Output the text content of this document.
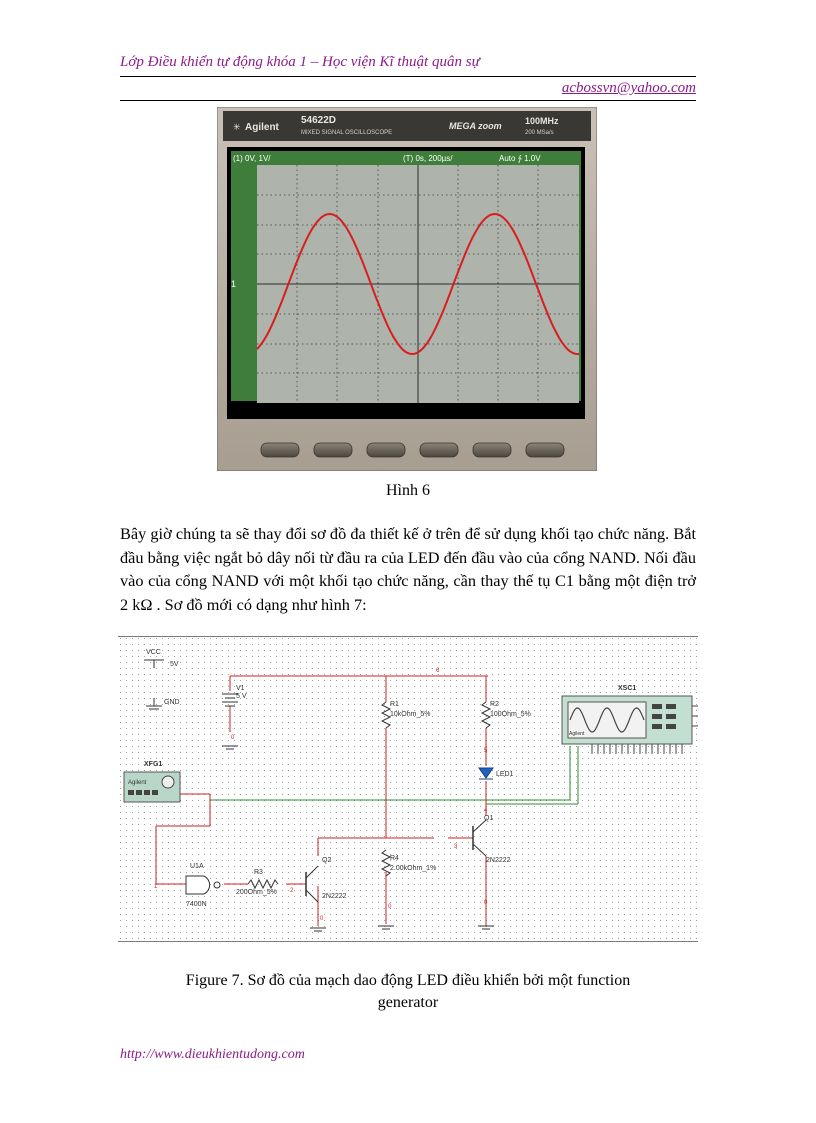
Lớp Điều khiển tự động khóa 1 – Học viện Kĩ thuật quân sự
acbossvn@yahoo.com
✳ Agilent
54622D
MIXED SIGNAL OSCILLOSCOPE
MEGA zoom	100MHz
200 MSa/s
(1) 0V, 1V/	(T) 0s, 200µs/	Auto ∱ 1.0V
1
Hình 6

Bây giờ chúng ta sẽ thay đổi sơ đồ đa thiết kế ở trên để sử dụng khối tạo chức năng. Bắt đầu bằng việc ngắt bỏ dây nối từ đầu ra của LED đến đầu vào của cổng NAND. Nối đầu vào của cổng NAND với một khối tạo chức năng, cần thay thế tụ C1 bằng một điện trở 2 kΩ . Sơ đồ mới có dạng như hình 7:

VCC
5V
GND
V1
5 V
0
6
R1
10kOhm_5%
R2
100Ohm_5%
5
LED1
4
Q1
3
2N2222
0
R4
2.00kOhm_1%
0
Q2
2N2222
0
2
R3
200Ohm_5%
U1A
7400N
1
XFG1
Agilent
XSC1
Agilent
Figure 7. Sơ đồ của mạch dao động LED điều khiển bởi một function
generator
http://www.dieukhientudong.com
